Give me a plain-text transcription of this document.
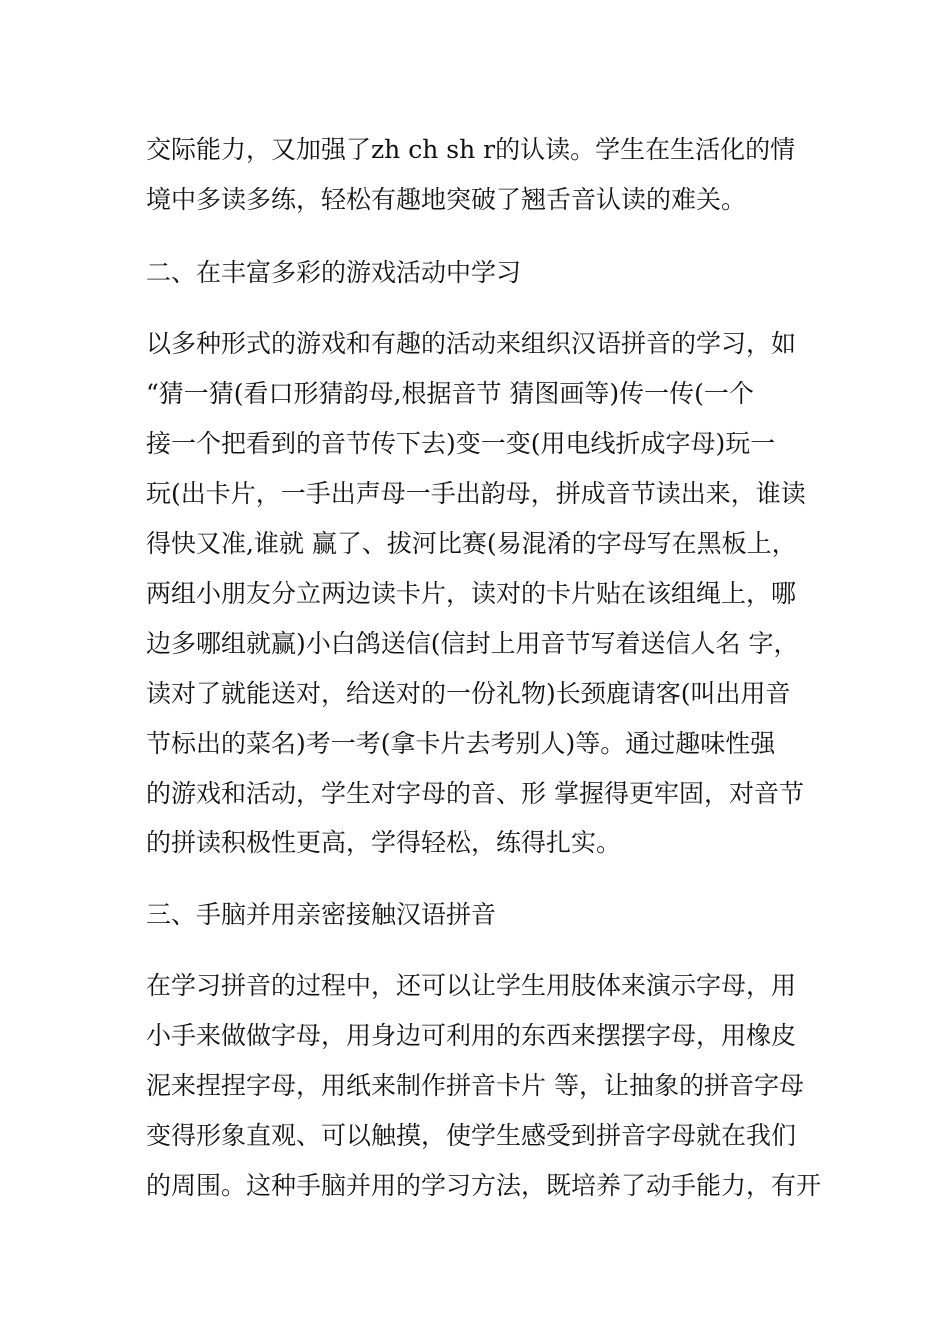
交际能力，又加强了zh ch sh r的认读。学生在生活化的情
境中多读多练，轻松有趣地突破了翘舌音认读的难关。
二、在丰富多彩的游戏活动中学习
以多种形式的游戏和有趣的活动来组织汉语拼音的学习，如
“猜一猜(看口形猜韵母,根据音节 猜图画等)传一传(一个
接一个把看到的音节传下去)变一变(用电线折成字母)玩一
玩(出卡片，一手出声母一手出韵母，拼成音节读出来，谁读
得快又准,谁就 赢了、拔河比赛(易混淆的字母写在黑板上，
两组小朋友分立两边读卡片，读对的卡片贴在该组绳上，哪
边多哪组就赢)小白鸽送信(信封上用音节写着送信人名 字，
读对了就能送对，给送对的一份礼物)长颈鹿请客(叫出用音
节标出的菜名)考一考(拿卡片去考别人)等。通过趣味性强
的游戏和活动，学生对字母的音、形 掌握得更牢固，对音节
的拼读积极性更高，学得轻松，练得扎实。
三、手脑并用亲密接触汉语拼音
在学习拼音的过程中，还可以让学生用肢体来演示字母，用
小手来做做字母，用身边可利用的东西来摆摆字母，用橡皮
泥来捏捏字母，用纸来制作拼音卡片 等，让抽象的拼音字母
变得形象直观、可以触摸，使学生感受到拼音字母就在我们
的周围。这种手脑并用的学习方法，既培养了动手能力，有开
